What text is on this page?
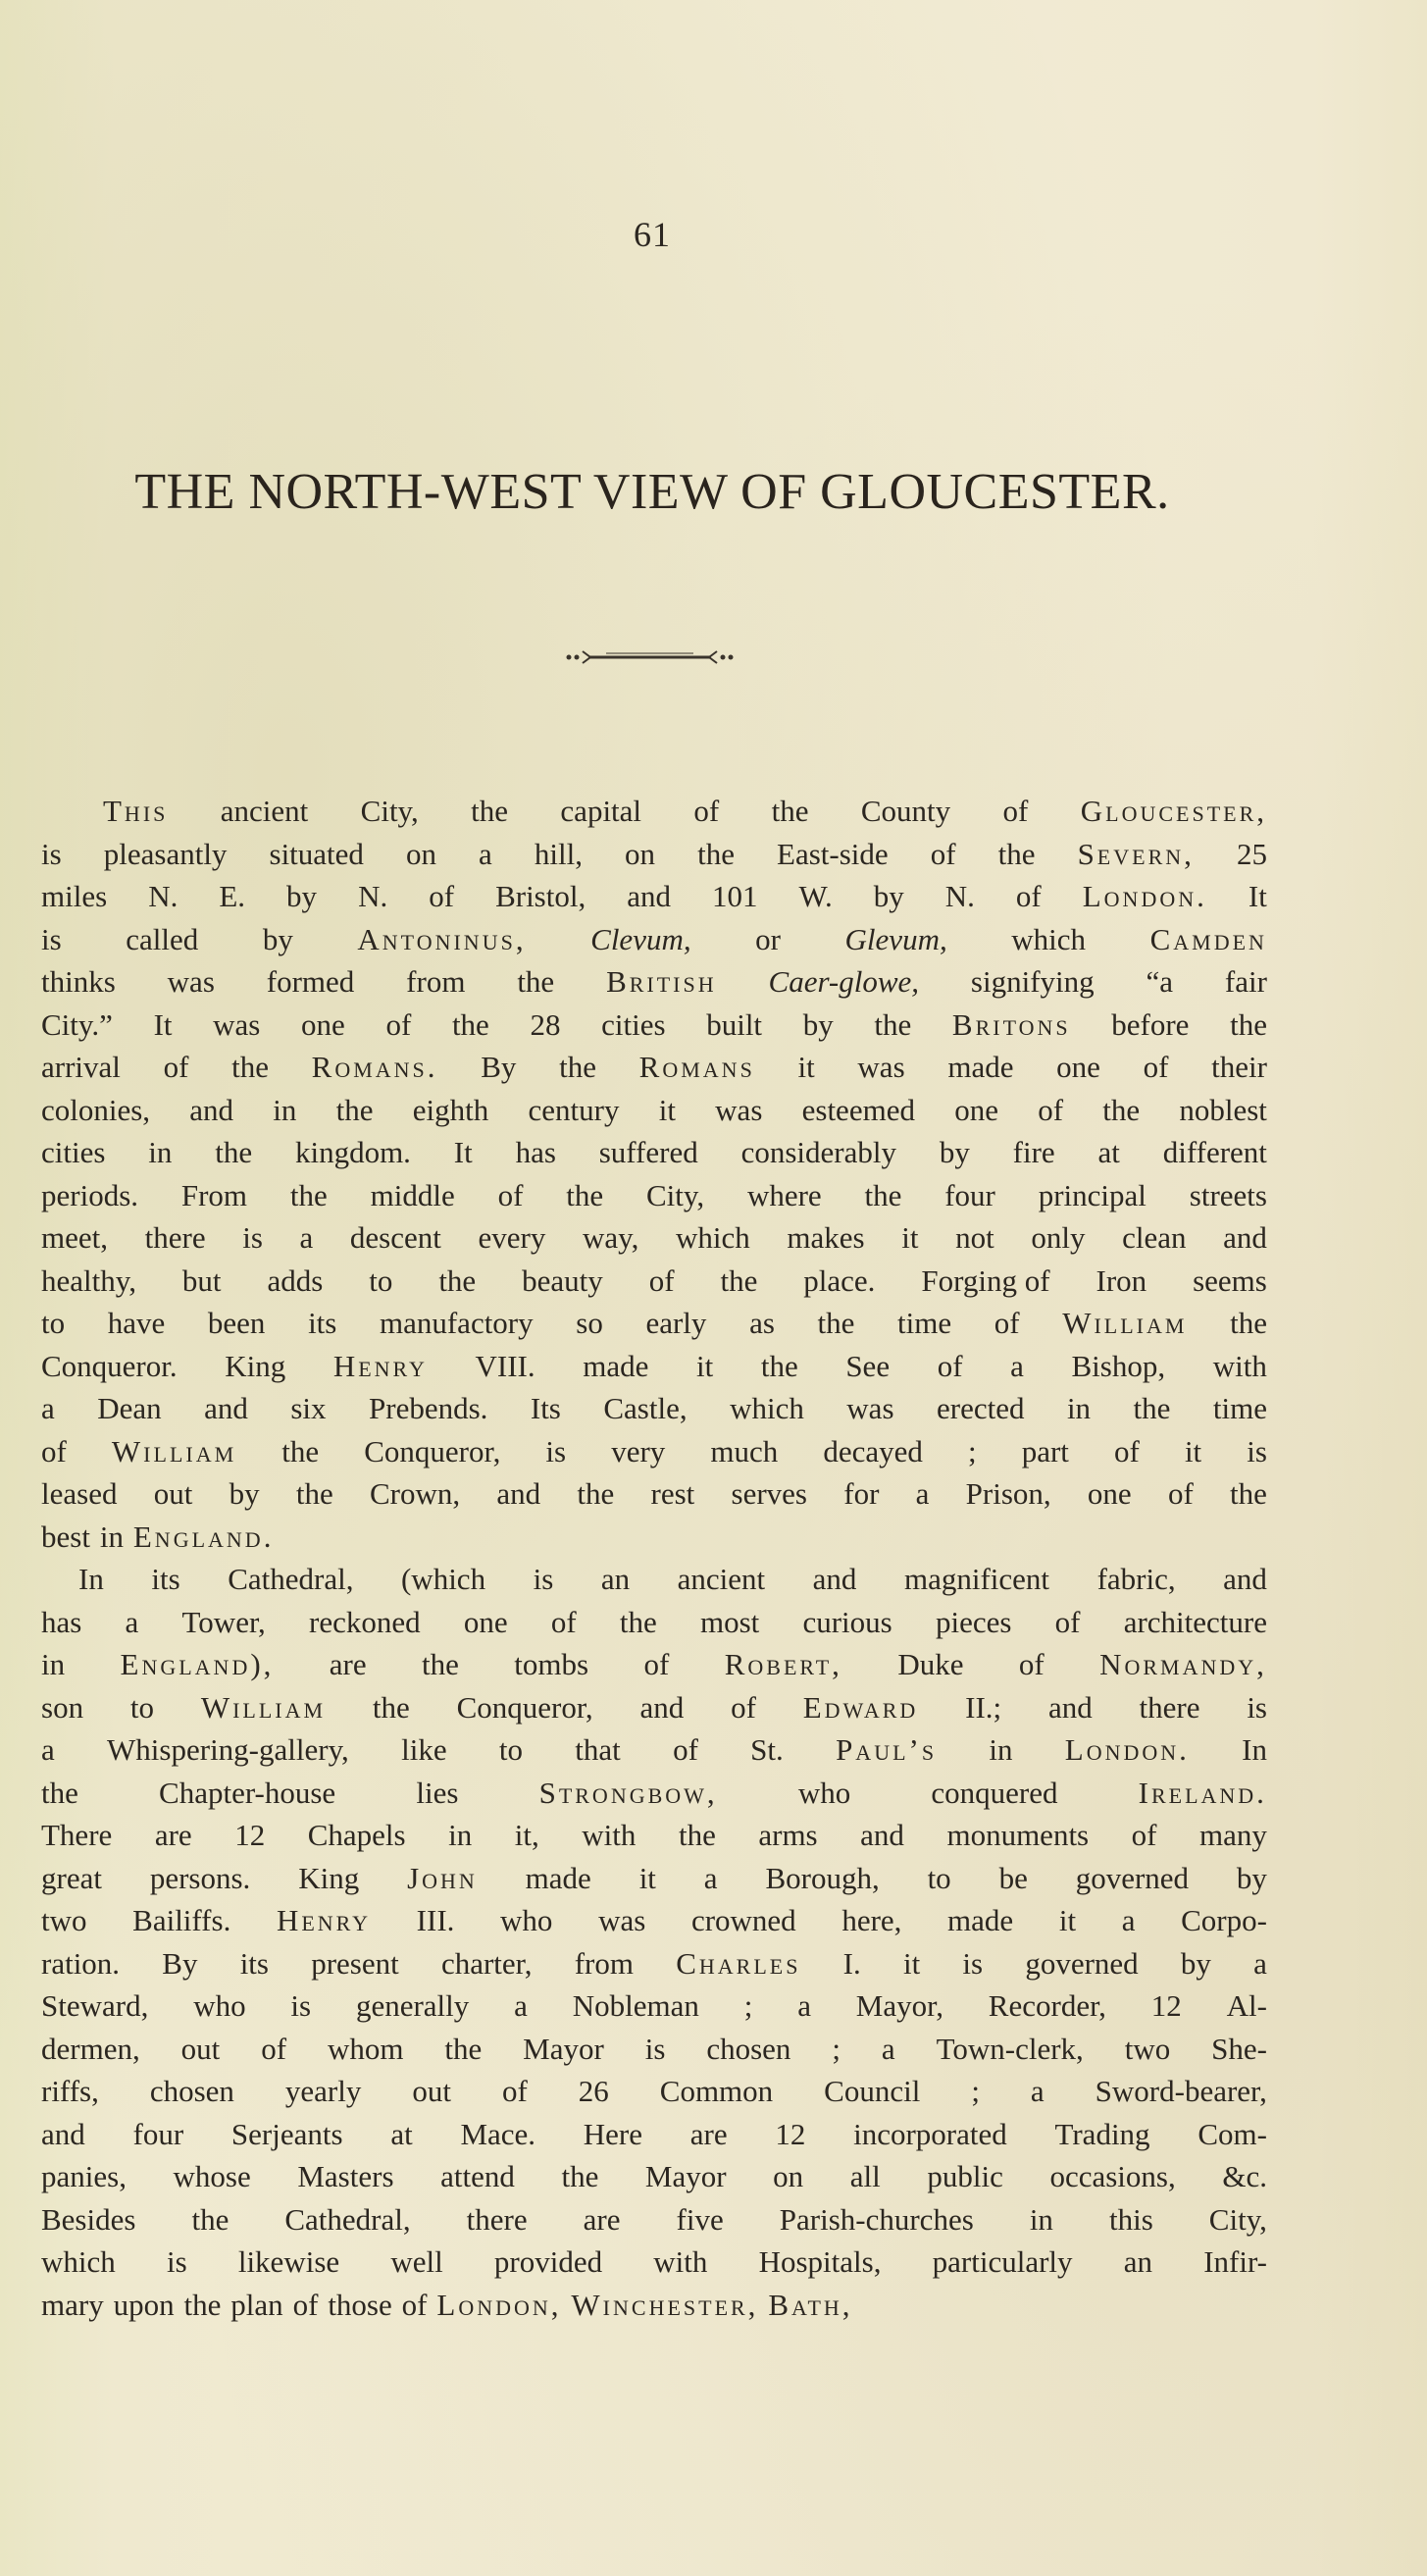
61
THE NORTH-WEST VIEW OF GLOUCESTER.
This ancient City, the capital of the County of Gloucester,
is pleasantly situated on a hill, on the East-side of the Severn, 25
miles N. E. by N. of Bristol, and 101 W. by N. of London. It
is called by Antoninus, Clevum, or Glevum, which Camden
thinks was formed from the British Caer-glowe, signifying “a fair
City.” It was one of the 28 cities built by the Britons before the
arrival of the Romans. By the Romans it was made one of their
colonies, and in the eighth century it was esteemed one of the noblest
cities in the kingdom. It has suffered considerably by fire at different
periods. From the middle of the City, where the four principal streets
meet, there is a descent every way, which makes it not only clean and
healthy, but adds to the beauty of the place. Forging of Iron seems
to have been its manufactory so early as the time of William the
Conqueror. King Henry VIII. made it the See of a Bishop, with
a Dean and six Prebends. Its Castle, which was erected in the time
of William the Conqueror, is very much decayed ; part of it is
leased out by the Crown, and the rest serves for a Prison, one of the
best in England.
In its Cathedral, (which is an ancient and magnificent fabric, and
has a Tower, reckoned one of the most curious pieces of architecture
in England), are the tombs of Robert, Duke of Normandy,
son to William the Conqueror, and of Edward II.; and there is
a Whispering-gallery, like to that of St. Paul’s in London. In
the	Chapter-house	lies	Strongbow,	who	conquered	Ireland.
There are 12 Chapels in it, with the arms and monuments of many
great persons. King John made it a Borough, to be governed by
two Bailiffs. Henry III. who was crowned here, made it a Corpo-
ration. By its present charter, from Charles I. it is governed by a
Steward, who is generally a Nobleman ; a Mayor, Recorder, 12 Al-
dermen, out of whom the Mayor is chosen ; a Town-clerk, two She-
riffs, chosen yearly out of 26 Common Council ; a Sword-bearer,
and four Serjeants at Mace. Here are 12 incorporated Trading Com-
panies, whose Masters attend the Mayor on all public occasions, &c.
Besides the Cathedral, there are five Parish-churches in this City,
which is likewise well provided with Hospitals, particularly an Infir-
mary upon the plan of those of London, Winchester, Bath,
